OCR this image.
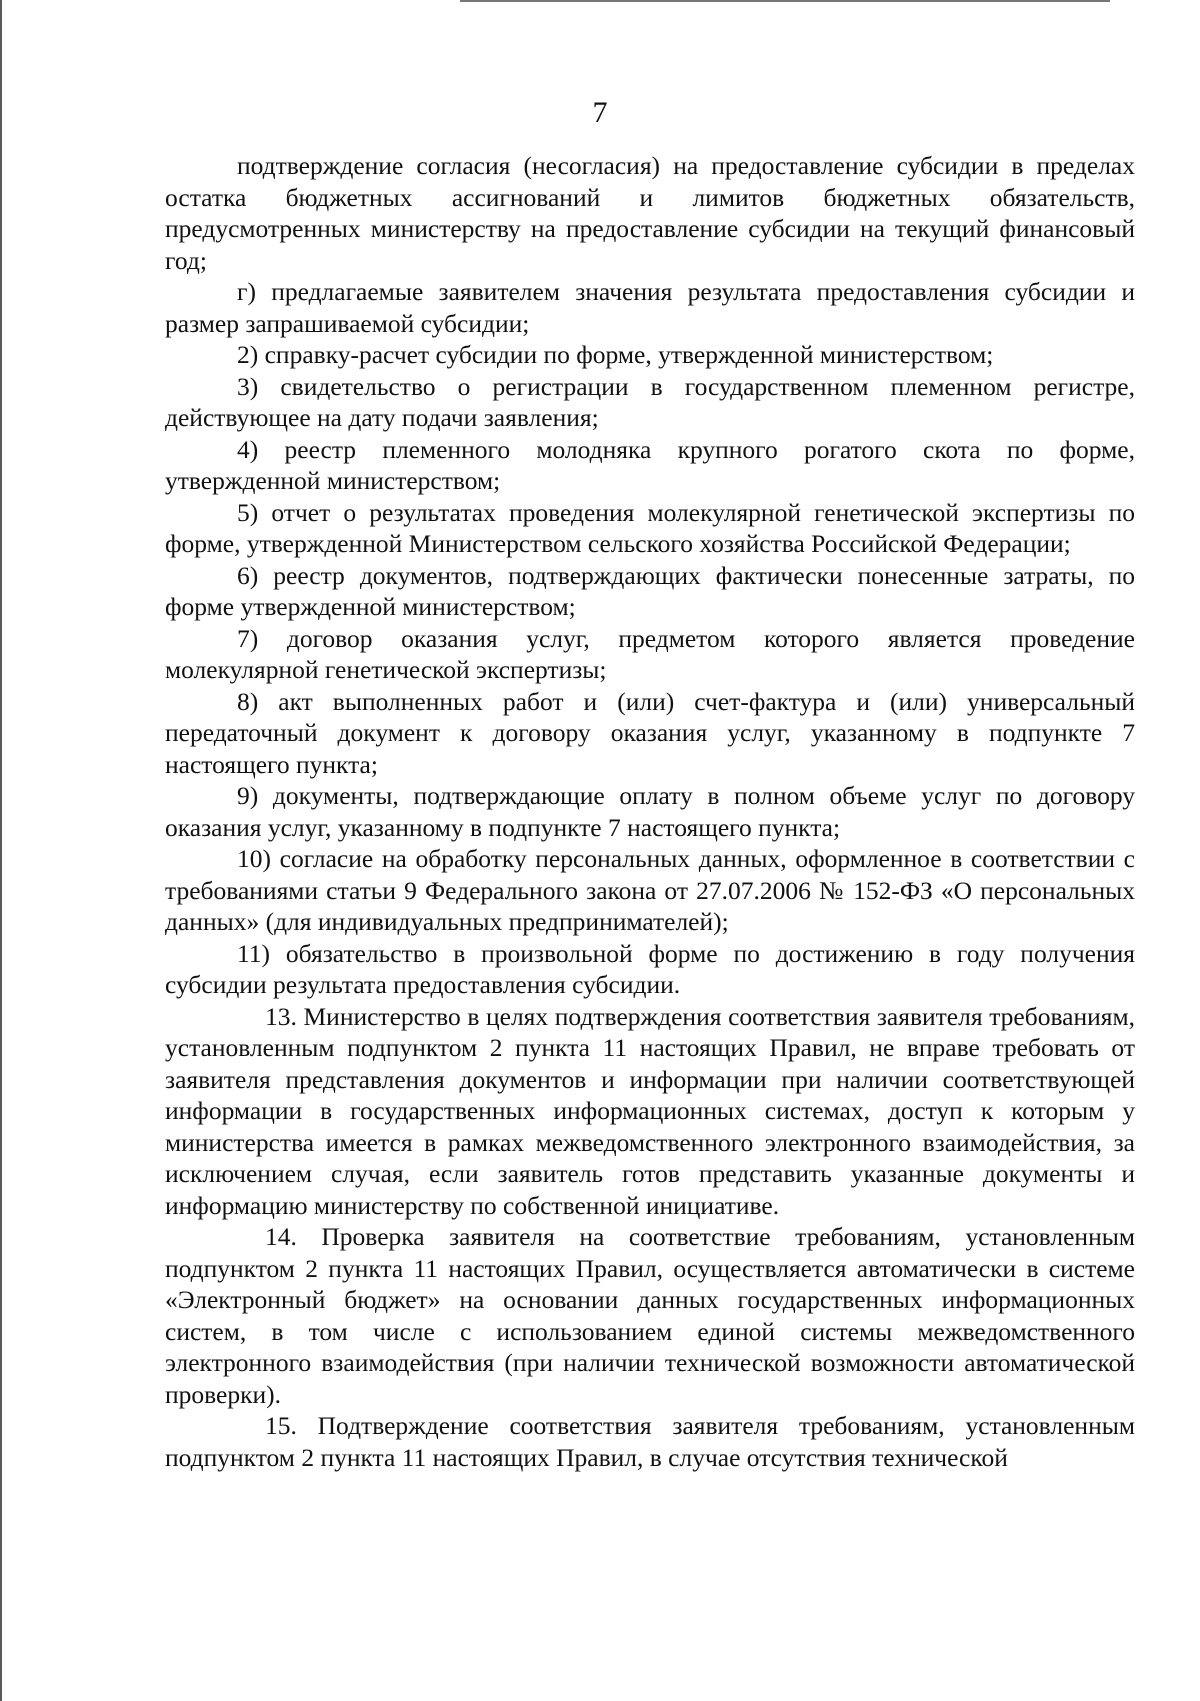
7

подтверждение согласия (несогласия) на предоставление субсидии в пределах остатка бюджетных ассигнований и лимитов бюджетных обязательств, предусмотренных министерству на предоставление субсидии на текущий финансовый год;

г) предлагаемые заявителем значения результата предоставления субсидии и размер запрашиваемой субсидии;

2) справку-расчет субсидии по форме, утвержденной министерством;

3) свидетельство о регистрации в государственном племенном регистре, действующее на дату подачи заявления;

4) реестр племенного молодняка крупного рогатого скота по форме, утвержденной министерством;

5) отчет о результатах проведения молекулярной генетической экспертизы по форме, утвержденной Министерством сельского хозяйства Российской Федерации;

6) реестр документов, подтверждающих фактически понесенные затраты, по форме утвержденной министерством;

7) договор оказания услуг, предметом которого является проведение молекулярной генетической экспертизы;

8) акт выполненных работ и (или) счет-фактура и (или) универсальный передаточный документ к договору оказания услуг, указанному в подпункте 7 настоящего пункта;

9) документы, подтверждающие оплату в полном объеме услуг по договору оказания услуг, указанному в подпункте 7 настоящего пункта;

10) согласие на обработку персональных данных, оформленное в соответствии с требованиями статьи 9 Федерального закона от 27.07.2006 № 152-ФЗ «О персональных данных» (для индивидуальных предпринимателей);

11) обязательство в произвольной форме по достижению в году получения субсидии результата предоставления субсидии.

13. Министерство в целях подтверждения соответствия заявителя требованиям, установленным подпунктом 2 пункта 11 настоящих Правил, не вправе требовать от заявителя представления документов и информации при наличии соответствующей информации в государственных информационных системах, доступ к которым у министерства имеется в рамках межведомственного электронного взаимодействия, за исключением случая, если заявитель готов представить указанные документы и информацию министерству по собственной инициативе.

14. Проверка заявителя на соответствие требованиям, установленным подпунктом 2 пункта 11 настоящих Правил, осуществляется автоматически в системе «Электронный бюджет» на основании данных государственных информационных систем, в том числе с использованием единой системы межведомственного электронного взаимодействия (при наличии технической возможности автоматической проверки).

15. Подтверждение соответствия заявителя требованиям, установленным подпунктом 2 пункта 11 настоящих Правил, в случае отсутствия технической
